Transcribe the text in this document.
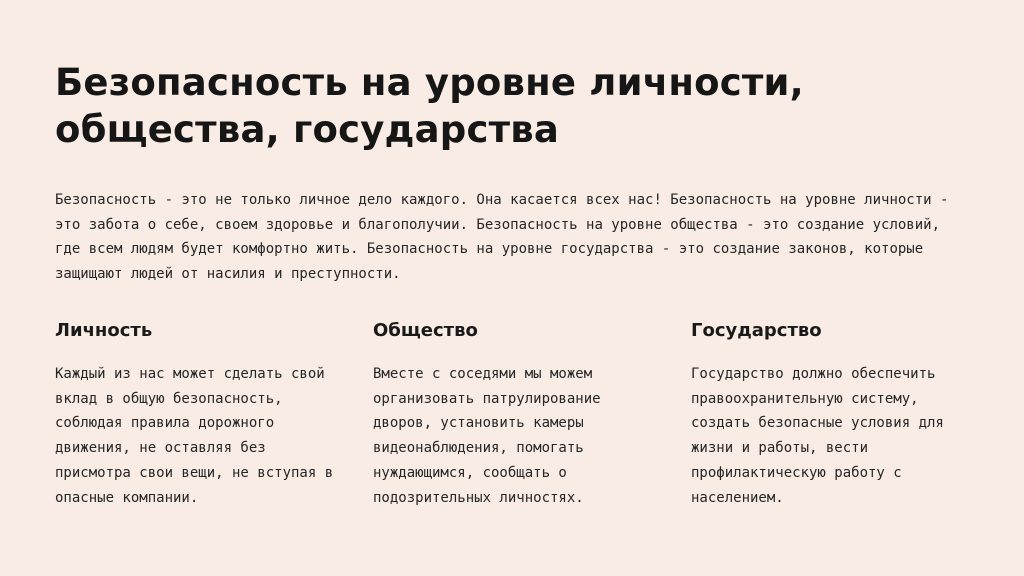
Безопасность на уровне личности,
общества, государства

Безопасность - это не только личное дело каждого. Она касается всех нас! Безопасность на уровне личности - это забота о себе, своем здоровье и благополучии. Безопасность на уровне общества - это создание условий, где всем людям будет комфортно жить. Безопасность на уровне государства - это создание законов, которые защищают людей от насилия и преступности.

Личность

Каждый из нас может сделать свой вклад в общую безопасность, соблюдая правила дорожного движения, не оставляя без присмотра свои вещи, не вступая в опасные компании.

Общество

Вместе с соседями мы можем организовать патрулирование дворов, установить камеры видеонаблюдения, помогать нуждающимся, сообщать о подозрительных личностях.

Государство

Государство должно обеспечить правоохранительную систему, создать безопасные условия для жизни и работы, вести профилактическую работу с населением.
